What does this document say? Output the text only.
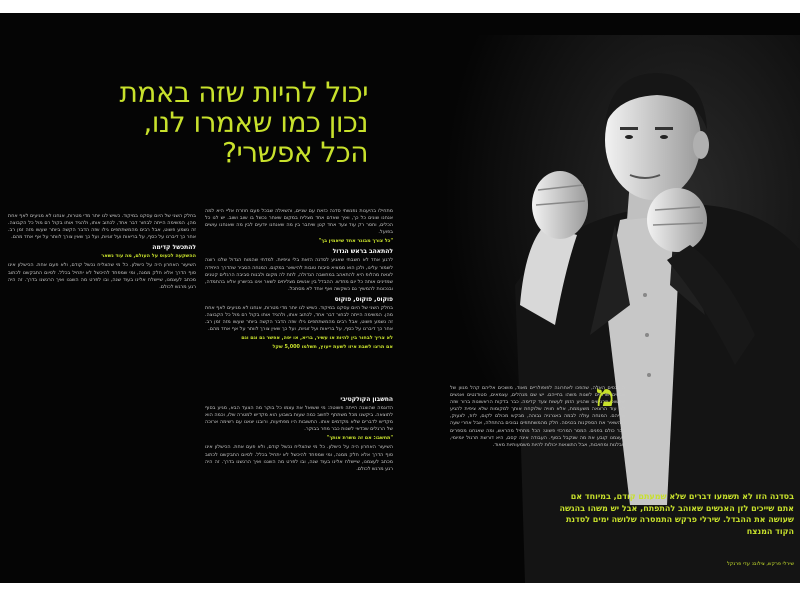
יכול להיות שזה באמת
נכון כמו שאמרו לנו,
הכל אפשרי?

מתחילו בהיענות נפגשתי סדנה כזאת עם שניים, והשאלה שבכל פעם חוזרת אליי היא למה אנחנו שונים כל כך, ואיך שאדם אחד מצליח במקום שאחר נכשל בו שוב ושוב. יש לנו כל הכלים, וחסר רק עוד צעד אחד קטן שיחבר בין מה שאנחנו יודעים לבין מה שאנחנו עושים בפועל.

"כל צורך מבוגר אחד שיאמין בך"

להתאהב בראש הגדול

לרגע אחד לא חשבתי שאגיע לסדנה הזאת בלי ציפיות. למדתי שהמוח הגדול שלנו רוצה לשמור עלינו, ולכן הוא ממציא סיבות טובות להישאר במקום. המנחה הסביר שהדרך היחידה לצאת מהלופ היא להתאהב במחשבה הגדולה, לתת לה מקום ולבנות סביבה הרגלים קטנים שמזינים אותה כל יום מחדש. ההבדל בין אנשים מצליחים לשאר אינו בכישרון אלא בהתמדה, ובנכונות להמשיך גם כשקשה ואף אחד לא מסתכל.

פוקוס, פוקוס, פוקוס

בחלק השני של היום עסקנו במיקוד. כשיש לנו יותר מדי מטרות, אנחנו לא מגיעים לאף אחת מהן. המשימה הייתה לבחור דבר אחד, לכתוב אותו, ולהגיד אותו בקול רם מול כל הקבוצה. זה נשמע פשוט, אבל רבים מהמשתתפים גילו שזה הדבר הקשה ביותר שעשו מזה זמן רב. אחר כך דיברנו על כסף, על בריאות ועל זוגיות, ועל כך שאין צורך לוותר על אף אחד מהם.

לא צריך לבחור בין להיות או עשיר, בריא, או יפה, אפשר גם וגם וגם

אם תרצו לשבת איזו לשעת ייעוץ, תשלמו 5,000 שקל

בחלק השני של היום עסקנו במיקוד. כשיש לנו יותר מדי מטרות, אנחנו לא מגיעים לאף אחת מהן. המשימה הייתה לבחור דבר אחד, לכתוב אותו, ולהגיד אותו בקול רם מול כל הקבוצה. זה נשמע פשוט, אבל רבים מהמשתתפים גילו שזה הדבר הקשה ביותר שעשו מזה זמן רב. אחר כך דיברנו על כסף, על בריאות ועל זוגיות, ועל כך שאין צורך לוותר על אף אחד מהם.

להתכשל קדימה

ההשקעה לכעוס על העולם, מה עוד נשאר

השיעור האחרון היה על כישלון. כל מי שהצליח נכשל קודם, ולא פעם אחת. הכישלון אינו סוף הדרך אלא חלק ממנה, ומי שמפחד להיכשל לא יתחיל בכלל. לסיום התבקשנו לכתוב מכתב לעצמנו, שיישלח אלינו בעוד שנה, ובו לפרט מה השגנו ואיך הרגשנו בדרך. זה היה רגע מרגש לכולם.

החשבון הקולקטיבי

הדוגמה שהוצגה הייתה פשוטה: מי ששואל את עצמו כל בוקר מה הצעד הבא, מגיע בסוף לתוצאה. ביקשנו מכל משתתף לחשב כמה שעות בשבוע הוא מקדיש למטרה שלו, וכמה הוא מקדיש לדברים שלא מקדמים אותו. התשובות היו מפתיעות, ורובנו יצאנו עם רשימה ארוכה של הרגלים שכדאי לשנות כבר מחר בבוקר.

"תחשבו: אם זה משרת אותך"

השיעור האחרון היה על כישלון. כל מי שהצליח נכשל קודם, ולא פעם אחת. הכישלון אינו סוף הדרך אלא חלק ממנה, ומי שמפחד להיכשל לא יתחיל בכלל. לסיום התבקשנו לכתוב מכתב לעצמנו, שיישלח אלינו בעוד שנה, ובו לפרט מה השגנו ואיך הרגשנו בדרך. זה היה רגע מרגש לכולם.

ה כנסים האלה, שהפכו לאחרונה לפופולריים מאוד, מושכים אליהם קהל מגוון של אנשים שרוצים לשנות משהו בחייהם. יש שם מנהלים, עצמאים, סטודנטים ואנשים שפשוט מרגישים שהגיע הזמן לעשות צעד קדימה. כבר בדקות הראשונות ברור שזה לא עוד הרצאה משעממת, אלא חוויה שלוקחת אותך למקומות שלא ציפית להגיע אליהם. המנחה עולה לבמה באנרגיה גבוהה, מבקש מכולם לקום, לזוז, לצעוק, ולהשאיר את הספקנות בכניסה. חלק מהמשתתפים נבוכים בהתחלה, אבל אחרי שעה כבר כולם בפנים. המסר המרכזי פשוט: הכל מתחיל מהראש, ומה שאנחנו מספרים לעצמנו קובע את מה שנקבל בסוף. העבודה אינה קסם, היא דורשת תרגול יומיומי, סבלנות ומחויבות, אבל התוצאות יכולות להיות משמעותיות מאוד.

מ
בסדנה הזו לא תשמעו דברים שלא שמעתם קודם, במיוחד אם אתם שייכים לזן האנשים שאוהב להתפתח, אבל יש משהו בהגשה שעושה את ההבדל. שירלי פרקש התמסרה שלושה ימים לסדנת הקוד המנצח
שירלי פרקש, צילום: עדי פרנקל
